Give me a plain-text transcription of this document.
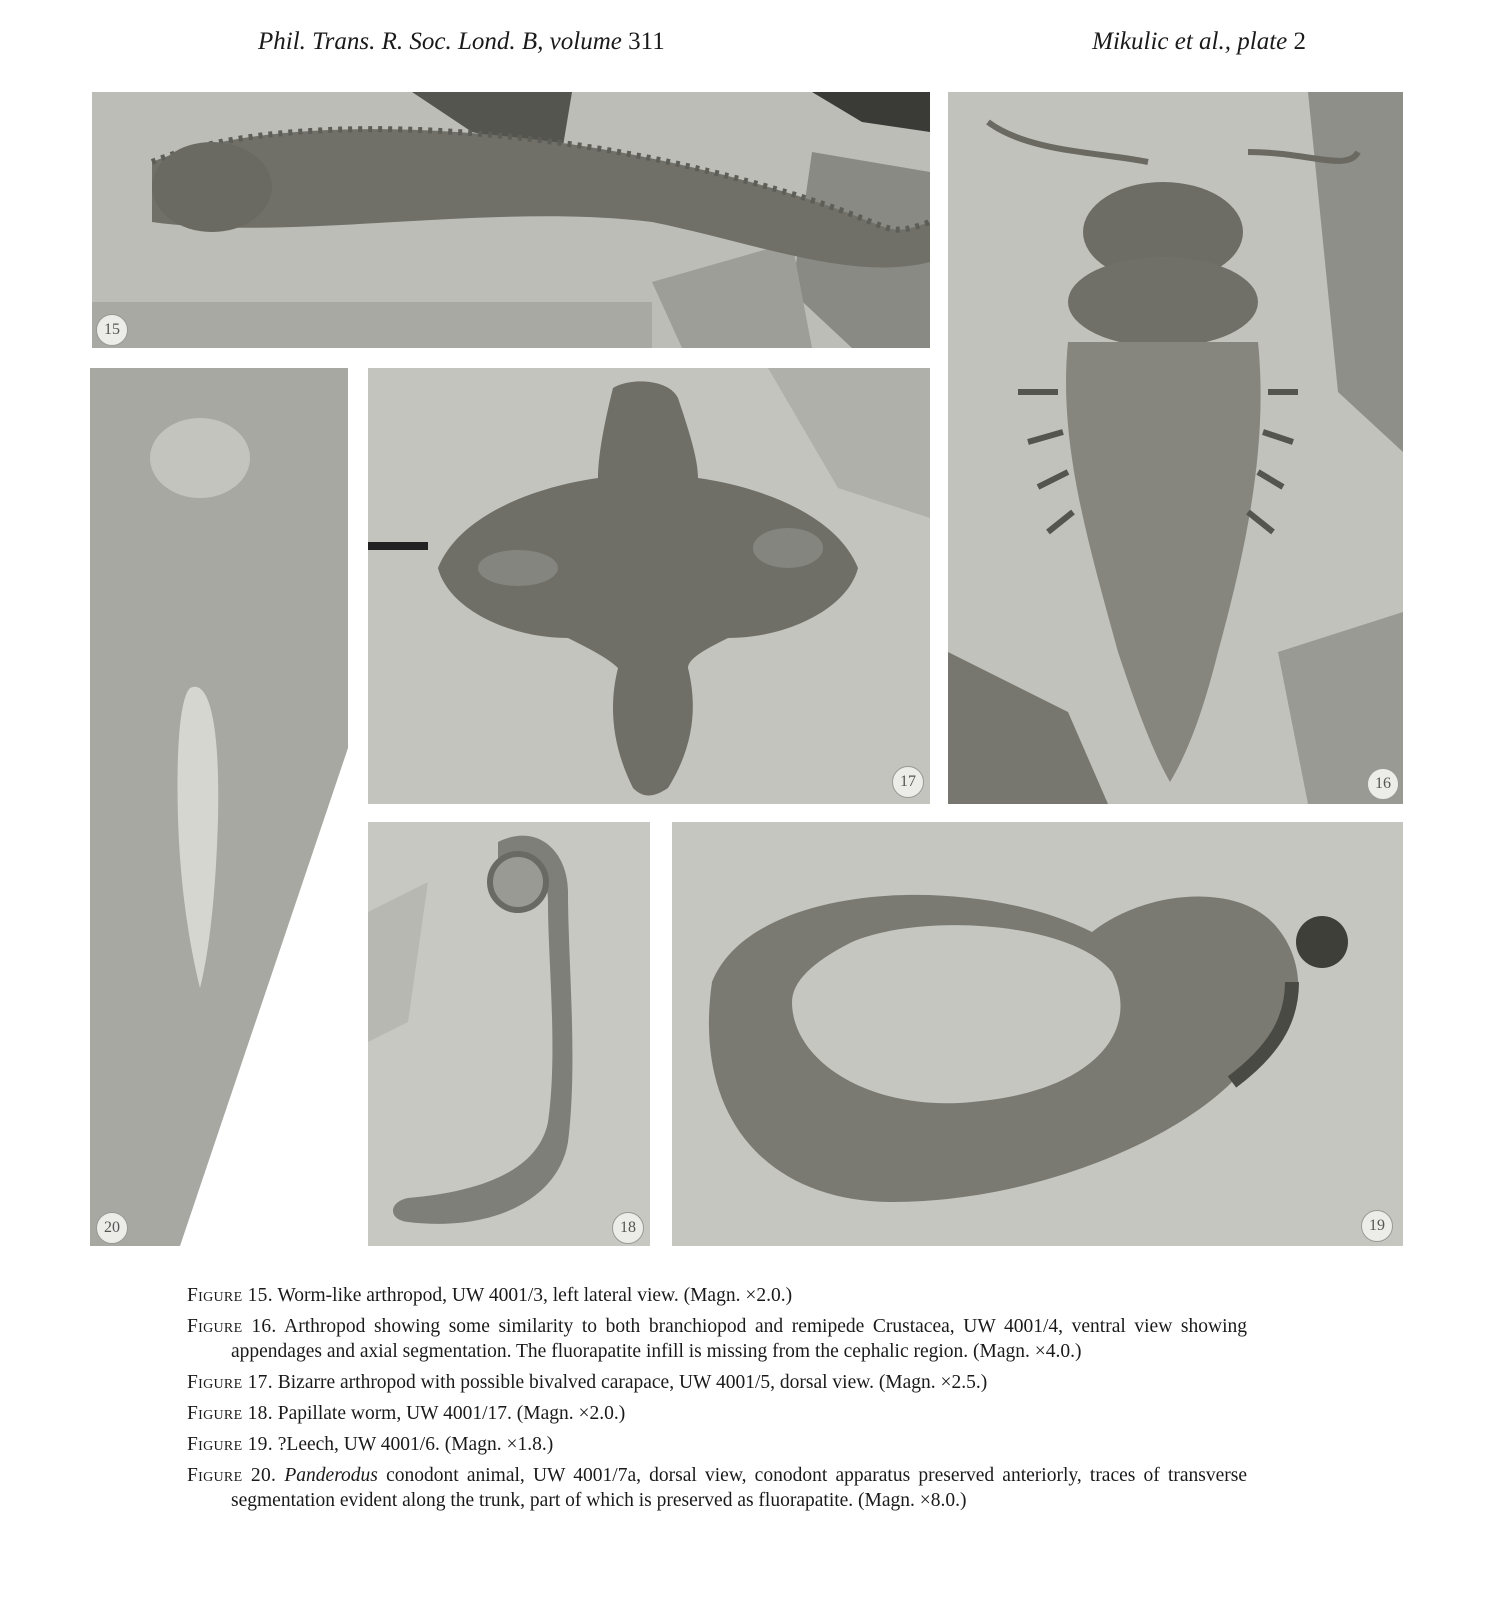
Phil. Trans. R. Soc. Lond. B, volume 311	Mikulic et al., plate 2
15
16
20
17
18	19

Figure 15. Worm-like arthropod, UW 4001/3, left lateral view. (Magn. ×2.0.)

Figure 16. Arthropod showing some similarity to both branchiopod and remipede Crustacea, UW 4001/4, ventral view showing appendages and axial segmentation. The fluorapatite infill is missing from the cephalic region. (Magn. ×4.0.)

Figure 17. Bizarre arthropod with possible bivalved carapace, UW 4001/5, dorsal view. (Magn. ×2.5.)

Figure 18. Papillate worm, UW 4001/17. (Magn. ×2.0.)

Figure 19. ?Leech, UW 4001/6. (Magn. ×1.8.)

Figure 20. Panderodus conodont animal, UW 4001/7a, dorsal view, conodont apparatus preserved anteriorly, traces of transverse segmentation evident along the trunk, part of which is preserved as fluorapatite. (Magn. ×8.0.)
